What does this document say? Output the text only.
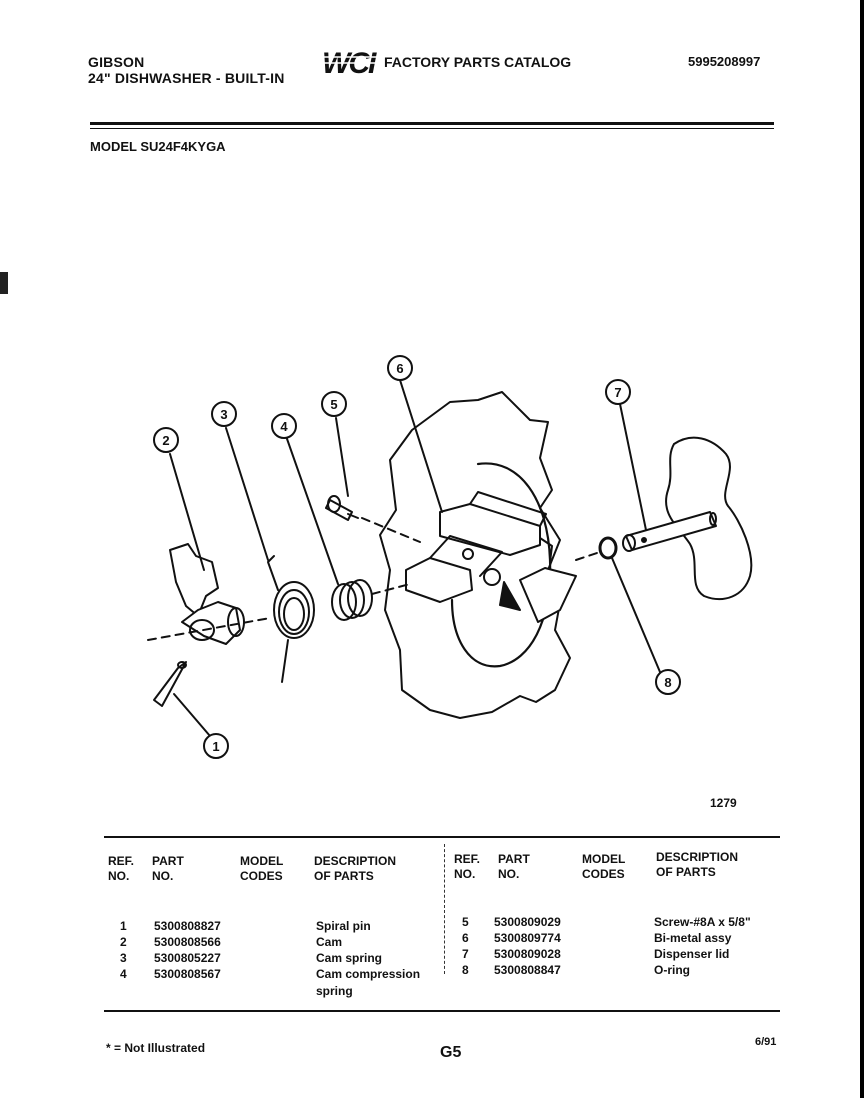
GIBSON
24" DISHWASHER - BUILT-IN WCI FACTORY PARTS CATALOG	5995208997
MODEL SU24F4KYGA
1
2
3
4
5
6
7
8
1279
REF.
NO.
PART
NO.
MODEL
CODES
DESCRIPTION
OF PARTS
REF.
NO.
PART
NO.
MODEL
CODES
DESCRIPTION
OF PARTS
1 5300808827	Spiral pin
2 5300808566	Cam
3 5300805227	Cam spring
4 5300808567	Cam compression
spring
5 5300809029	Screw-#8A x 5/8"
6 5300809774	Bi-metal assy
7 5300809028	Dispenser lid
8 5300808847	O-ring
* = Not Illustrated	G5
6/91
